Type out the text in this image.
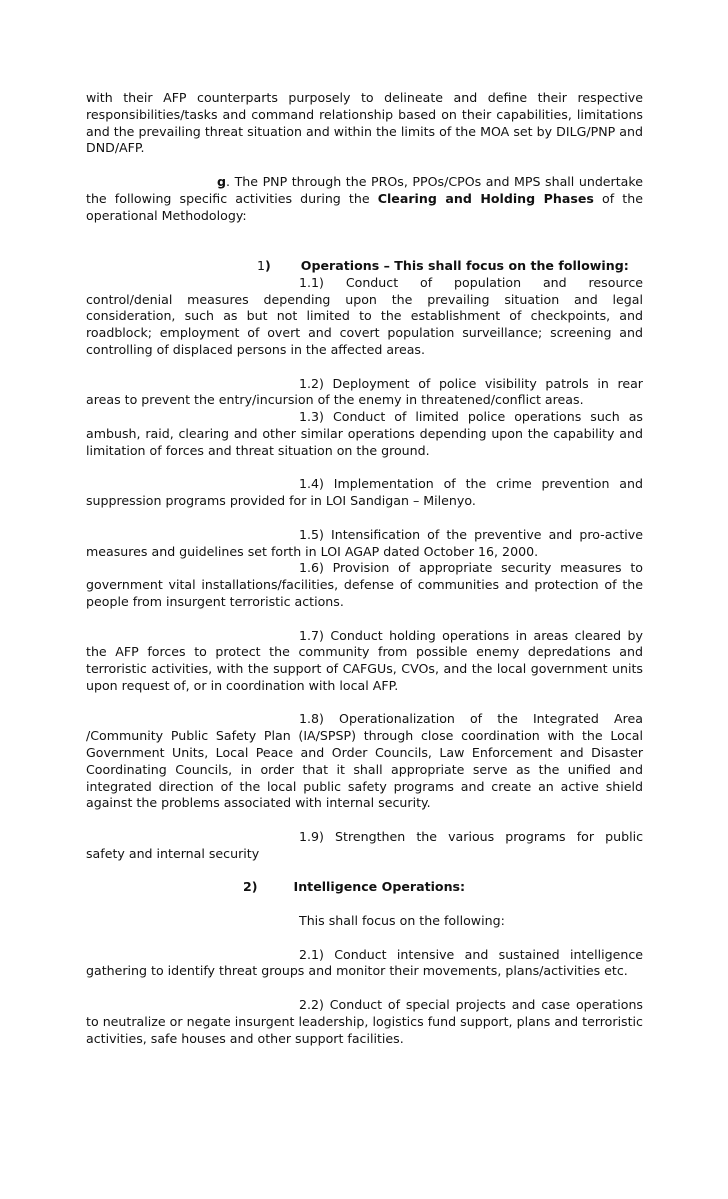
with their AFP counterparts purposely to delineate and define their respective responsibilities/tasks and command relationship based on their capabilities, limitations and the prevailing threat situation and within the limits of the MOA set by DILG/PNP and DND/AFP.

g. The PNP through the PROs, PPOs/CPOs and MPS shall undertake the following specific activities during the Clearing and Holding Phases of the operational Methodology:

1) Operations – This shall focus on the following:

1.1) Conduct of population and resource control/denial measures depending upon the prevailing situation and legal consideration, such as but not limited to the establishment of checkpoints, and roadblock; employment of overt and covert population surveillance; screening and controlling of displaced persons in the affected areas.

1.2) Deployment of police visibility patrols in rear areas to prevent the entry/incursion of the enemy in threatened/conflict areas.

1.3) Conduct of limited police operations such as ambush, raid, clearing and other similar operations depending upon the capability and limitation of forces and threat situation on the ground.

1.4) Implementation of the crime prevention and suppression programs provided for in LOI Sandigan – Milenyo.

1.5) Intensification of the preventive and pro-active measures and guidelines set forth in LOI AGAP dated October 16, 2000.

1.6) Provision of appropriate security measures to government vital installations/facilities, defense of communities and protection of the people from insurgent terroristic actions.

1.7) Conduct holding operations in areas cleared by the AFP forces to protect the community from possible enemy depredations and terroristic activities, with the support of CAFGUs, CVOs, and the local government units upon request of, or in coordination with local AFP.

1.8) Operationalization of the Integrated Area /Community Public Safety Plan (IA/SPSP) through close coordination with the Local Government Units, Local Peace and Order Councils, Law Enforcement and Disaster Coordinating Councils, in order that it shall appropriate serve as the unified and integrated direction of the local public safety programs and create an active shield against the problems associated with internal security.

1.9) Strengthen the various programs for public safety and internal security

2)	Intelligence Operations:

This shall focus on the following:

2.1) Conduct intensive and sustained intelligence gathering to identify threat groups and monitor their movements, plans/activities etc.

2.2) Conduct of special projects and case operations to neutralize or negate insurgent leadership, logistics fund support, plans and terroristic activities, safe houses and other support facilities.
